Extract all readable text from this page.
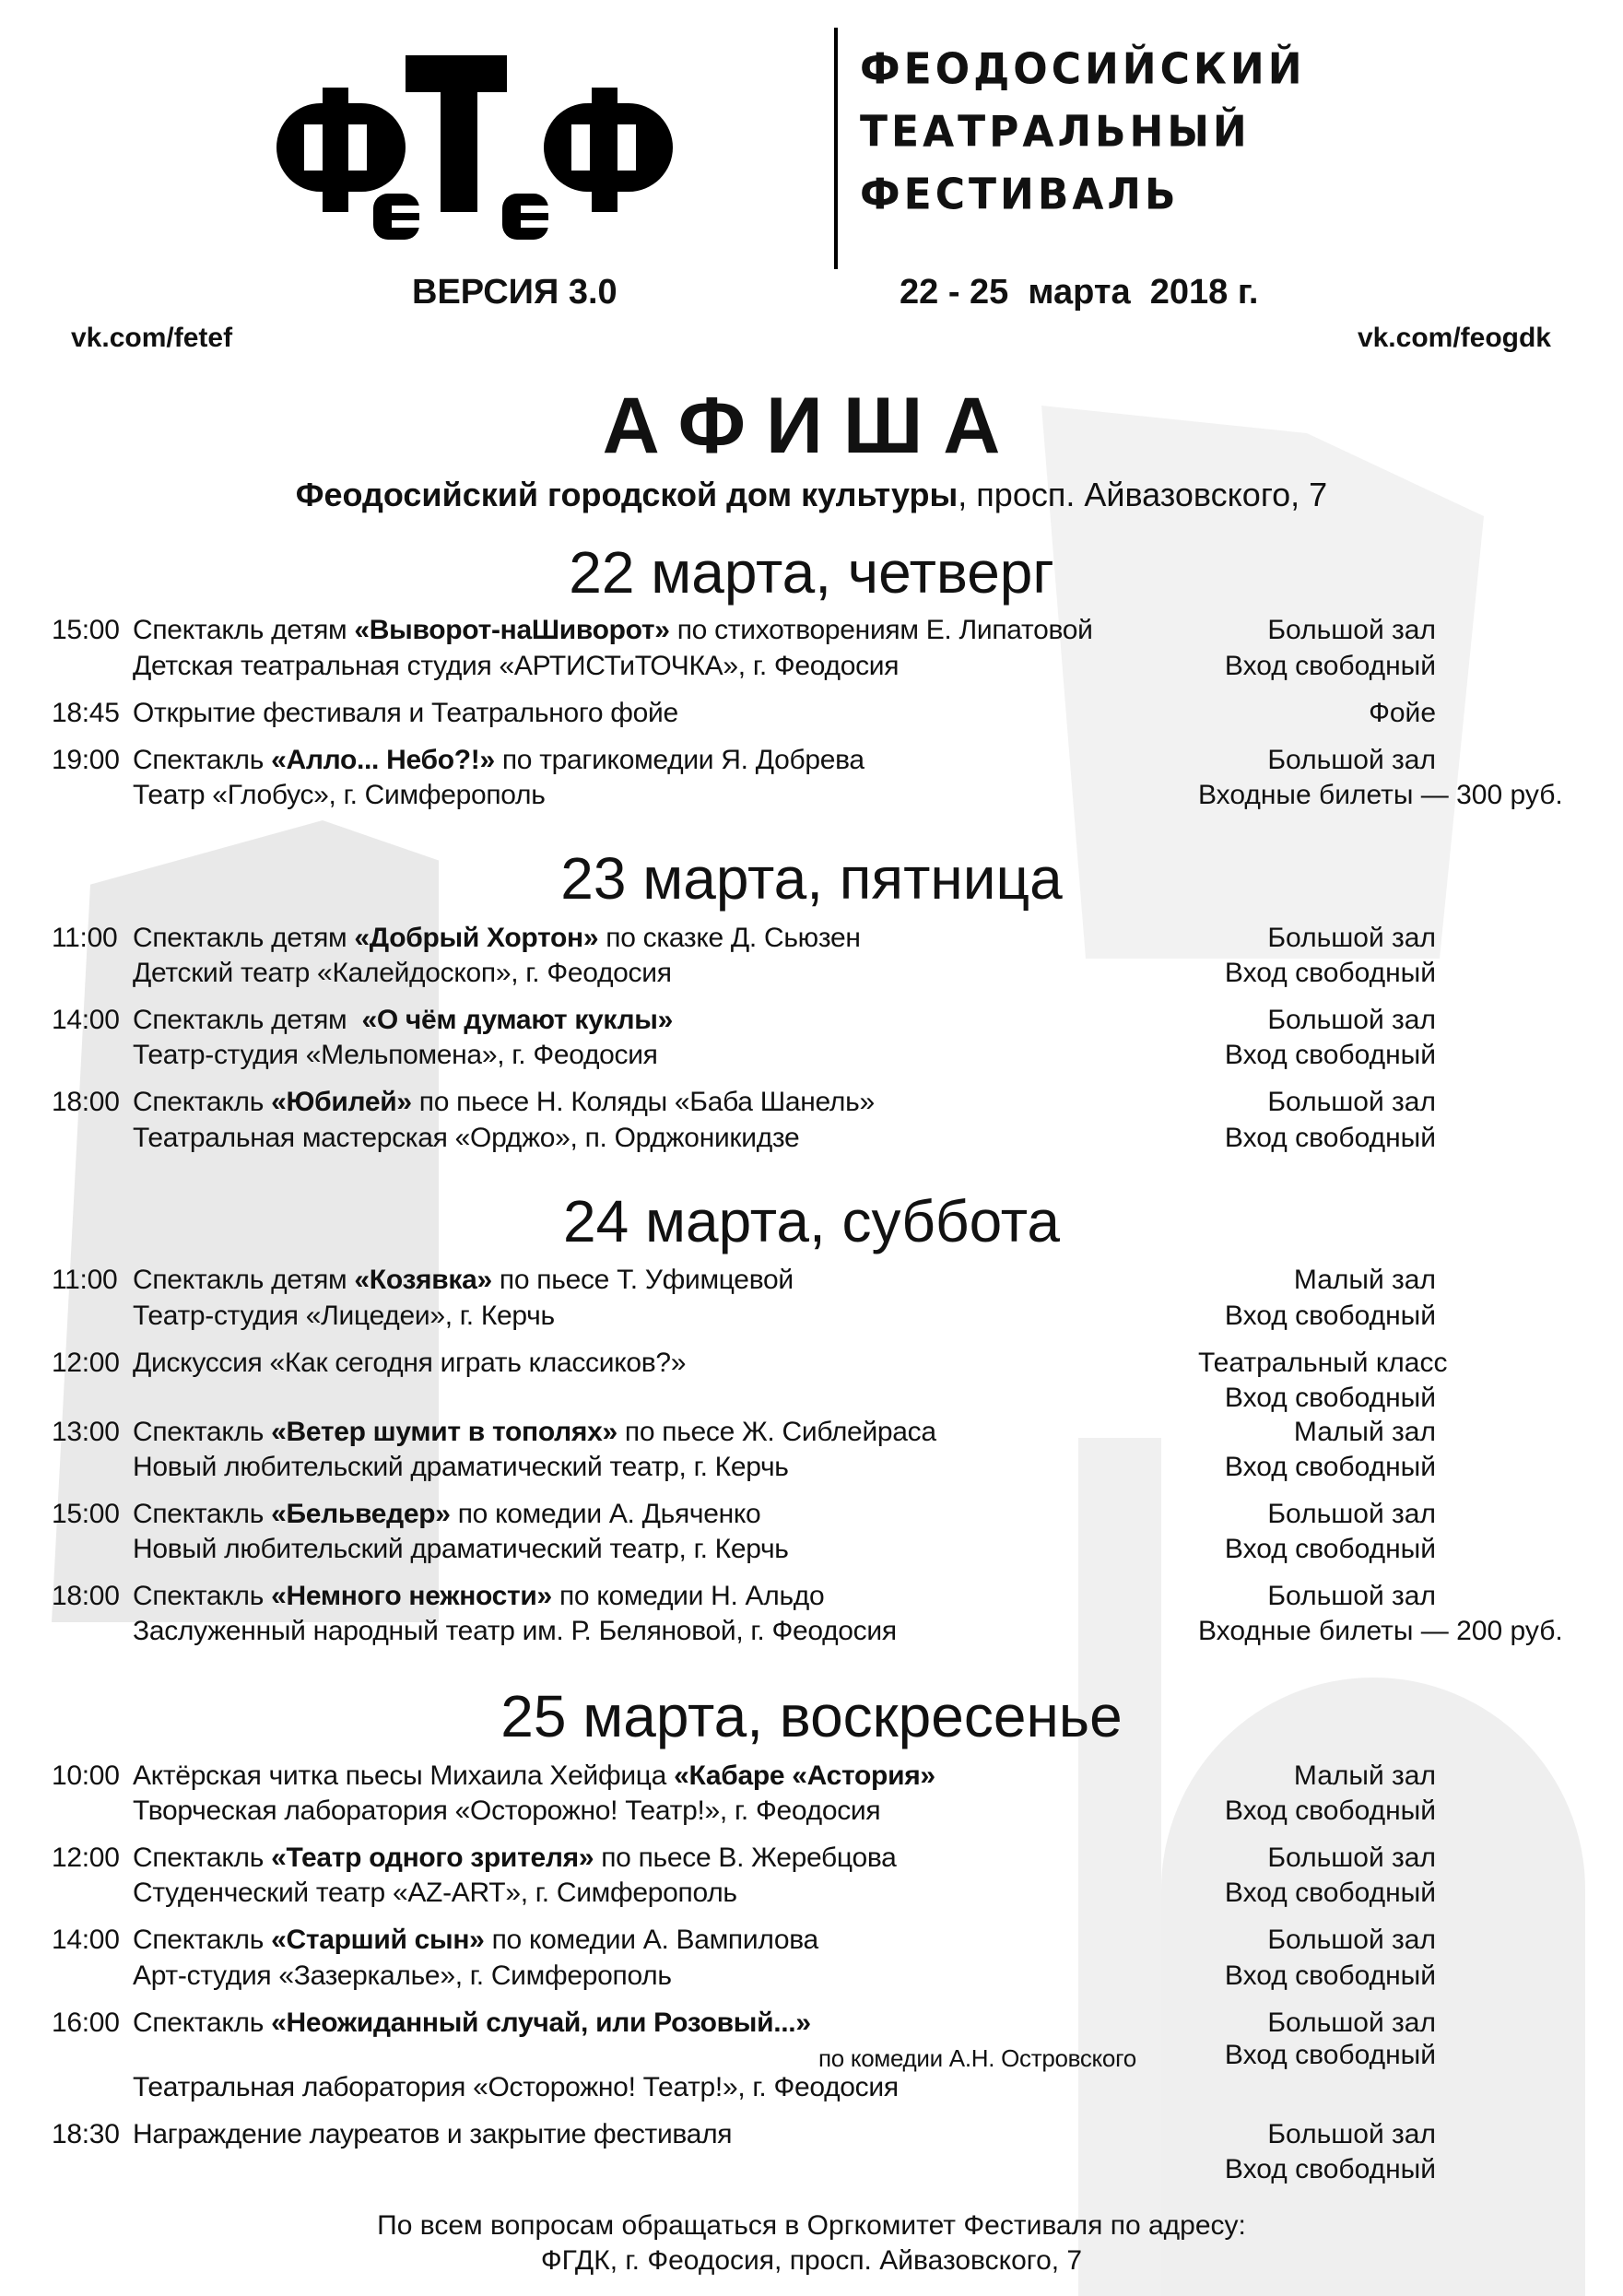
ФЕОДОСИЙСКИЙ
ТЕАТРАЛЬНЫЙ
ФЕСТИВАЛЬ
ВЕРСИЯ 3.0	22 - 25  марта  2018 г.
vk.com/fetef	vk.com/feogdk
АФИША
Феодосийский городской дом культуры, просп. Айвазовского, 7
22 марта, четверг
15:00 Спектакль детям «Выворот-наШиворот» по стихотворениям Е. Липатовой	Большой зал
Вход свободный
Детская театральная студия «АРТИСТиТОЧКА», г. Феодосия
18:45 Открытие фестиваля и Театрального фойе	Фойе
19:00 Спектакль «Алло... Небо?!» по трагикомедии Я. Добрева	Большой зал
Входные билеты — 300 руб.
Театр «Глобус», г. Симферополь
23 марта, пятница
11:00 Спектакль детям «Добрый Хортон» по сказке Д. Сьюзен	Большой зал
Вход свободный
Детский театр «Калейдоскоп», г. Феодосия
14:00 Спектакль детям  «О чём думают куклы»	Большой зал
Вход свободный
Театр-студия «Мельпомена», г. Феодосия
18:00 Спектакль «Юбилей» по пьесе Н. Коляды «Баба Шанель»	Большой зал
Вход свободный
Театральная мастерская «Орджо», п. Орджоникидзе
24 марта, суббота
11:00 Спектакль детям «Козявка» по пьесе Т. Уфимцевой	Малый зал
Вход свободный
Театр-студия «Лицедеи», г. Керчь
12:00 Дискуссия «Как сегодня играть классиков?»	Театральный класс
Вход свободный
13:00 Спектакль «Ветер шумит в тополях» по пьесе Ж. Сиблейраса	Малый зал
Вход свободный
Новый любительский драматический театр, г. Керчь
15:00 Спектакль «Бельведер» по комедии А. Дьяченко	Большой зал
Вход свободный
Новый любительский драматический театр, г. Керчь
18:00 Спектакль «Немного нежности» по комедии Н. Альдо	Большой зал
Входные билеты — 200 руб.
Заслуженный народный театр им. Р. Беляновой, г. Феодосия
25 марта, воскресенье
10:00 Актёрская читка пьесы Михаила Хейфица «Кабаре «Астория»	Малый зал
Вход свободный
Творческая лаборатория «Осторожно! Театр!», г. Феодосия
12:00 Спектакль «Театр одного зрителя» по пьесе В. Жеребцова	Большой зал
Вход свободный
Студенческий театр «AZ-ART», г. Симферополь
14:00 Спектакль «Старший сын» по комедии А. Вампилова	Большой зал
Вход свободный
Арт-студия «Зазеркалье», г. Симферополь
16:00 Спектакль «Неожиданный случай, или Розовый...»	Большой зал
по комедии А.Н. Островского	Вход свободный
Театральная лаборатория «Осторожно! Театр!», г. Феодосия
18:30 Награждение лауреатов и закрытие фестиваля	Большой зал
Вход свободный
По всем вопросам обращаться в Оргкомитет Фестиваля по адресу:
ФГДК, г. Феодосия, просп. Айвазовского, 7
